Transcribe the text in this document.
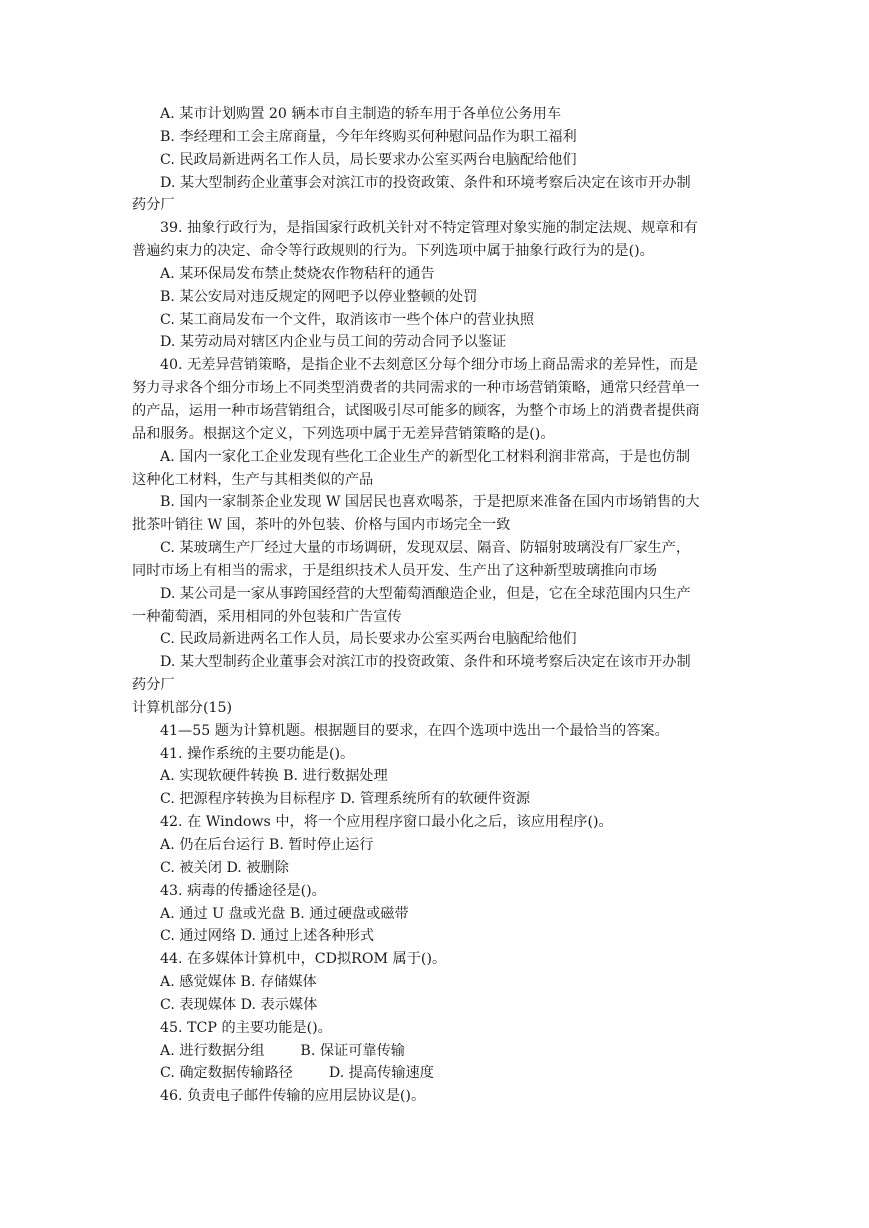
A. 某市计划购置 20 辆本市自主制造的轿车用于各单位公务用车
B. 李经理和工会主席商量，今年年终购买何种慰问品作为职工福利
C. 民政局新进两名工作人员，局长要求办公室买两台电脑配给他们
D. 某大型制药企业董事会对滨江市的投资政策、条件和环境考察后决定在该市开办制
药分厂
39. 抽象行政行为，是指国家行政机关针对不特定管理对象实施的制定法规、规章和有
普遍约束力的决定、命令等行政规则的行为。下列选项中属于抽象行政行为的是()。
A. 某环保局发布禁止焚烧农作物秸秆的通告
B. 某公安局对违反规定的网吧予以停业整顿的处罚
C. 某工商局发布一个文件，取消该市一些个体户的营业执照
D. 某劳动局对辖区内企业与员工间的劳动合同予以鉴证
40. 无差异营销策略，是指企业不去刻意区分每个细分市场上商品需求的差异性，而是
努力寻求各个细分市场上不同类型消费者的共同需求的一种市场营销策略，通常只经营单一
的产品，运用一种市场营销组合，试图吸引尽可能多的顾客，为整个市场上的消费者提供商
品和服务。根据这个定义，下列选项中属于无差异营销策略的是()。
A. 国内一家化工企业发现有些化工企业生产的新型化工材料利润非常高，于是也仿制
这种化工材料，生产与其相类似的产品
B. 国内一家制茶企业发现 W 国居民也喜欢喝茶，于是把原来准备在国内市场销售的大
批茶叶销往 W 国，茶叶的外包装、价格与国内市场完全一致
C. 某玻璃生产厂经过大量的市场调研，发现双层、隔音、防辐射玻璃没有厂家生产，
同时市场上有相当的需求，于是组织技术人员开发、生产出了这种新型玻璃推向市场
D. 某公司是一家从事跨国经营的大型葡萄酒酿造企业，但是，它在全球范围内只生产
一种葡萄酒，采用相同的外包装和广告宣传
C. 民政局新进两名工作人员，局长要求办公室买两台电脑配给他们
D. 某大型制药企业董事会对滨江市的投资政策、条件和环境考察后决定在该市开办制
药分厂
计算机部分(15)
41—55 题为计算机题。根据题目的要求，在四个选项中选出一个最恰当的答案。
41. 操作系统的主要功能是()。
A. 实现软硬件转换 B. 进行数据处理
C. 把源程序转换为目标程序 D. 管理系统所有的软硬件资源
42. 在 Windows 中，将一个应用程序窗口最小化之后，该应用程序()。
A. 仍在后台运行 B. 暂时停止运行
C. 被关闭 D. 被删除
43. 病毒的传播途径是()。
A. 通过 U 盘或光盘 B. 通过硬盘或磁带
C. 通过网络 D. 通过上述各种形式
44. 在多媒体计算机中，CD拟ROM 属于()。
A. 感觉媒体 B. 存储媒体
C. 表现媒体 D. 表示媒体
45. TCP 的主要功能是()。
A. 进行数据分组	B. 保证可靠传输
C. 确定数据传输路径	D. 提高传输速度
46. 负责电子邮件传输的应用层协议是()。
